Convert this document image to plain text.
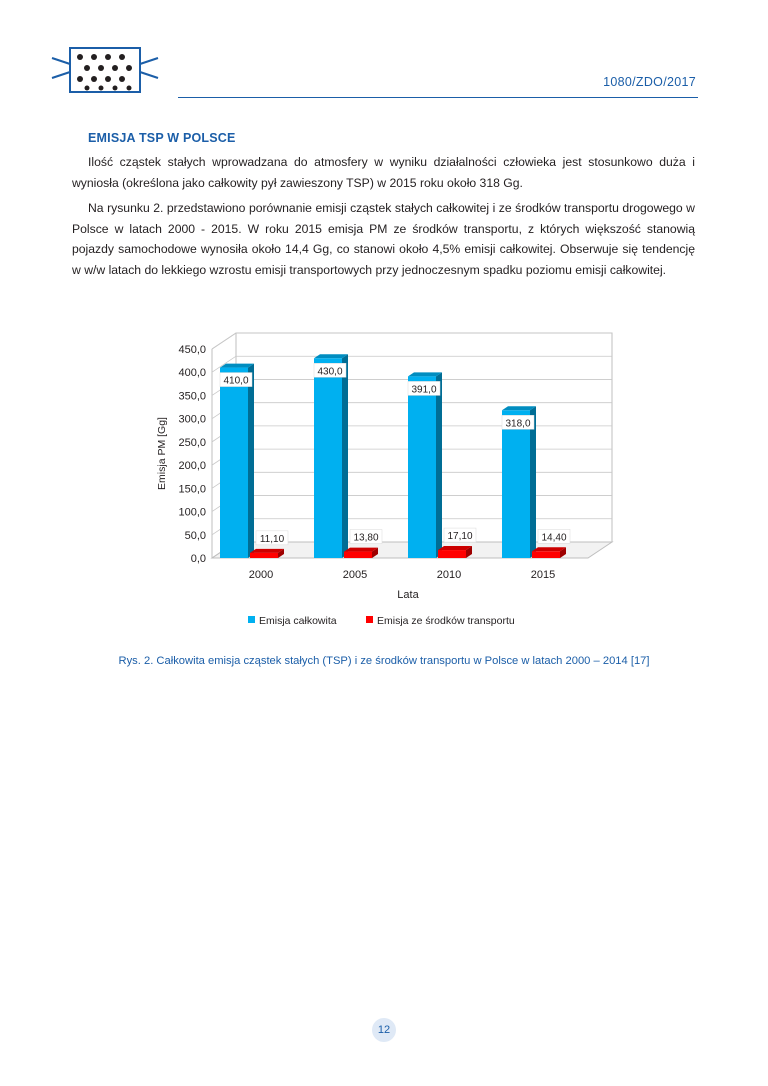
1080/ZDO/2017
EMISJA TSP W POLSCE

Ilość cząstek stałych wprowadzana do atmosfery w wyniku działalności człowieka jest stosunkowo duża i wyniosła (określona jako całkowity pył zawieszony TSP) w 2015 roku około 318 Gg.

Na rysunku 2. przedstawiono porównanie emisji cząstek stałych całkowitej i ze środków transportu drogowego w Polsce w latach 2000 - 2015. W roku 2015 emisja PM ze środków transportu, z których większość stanowią pojazdy samochodowe wynosiła około 14,4 Gg, co stanowi około 4,5% emisji całkowitej. Obserwuje się tendencję w w/w latach do lekkiego wzrostu emisji transportowych przy jednoczesnym spadku poziomu emisji całkowitej.

0,0
50,0
100,0
150,0
200,0
250,0
300,0
350,0
400,0
450,0
Emisja PM [Gg]
Lata
2000
410,0
11,10
2005
430,0
13,80
2010
391,0
17,10
2015
318,0
14,40
Emisja całkowita	Emisja ze środków transportu
Rys. 2. Całkowita emisja cząstek stałych (TSP) i ze środków transportu w Polsce w latach 2000 – 2014 [17]
12
